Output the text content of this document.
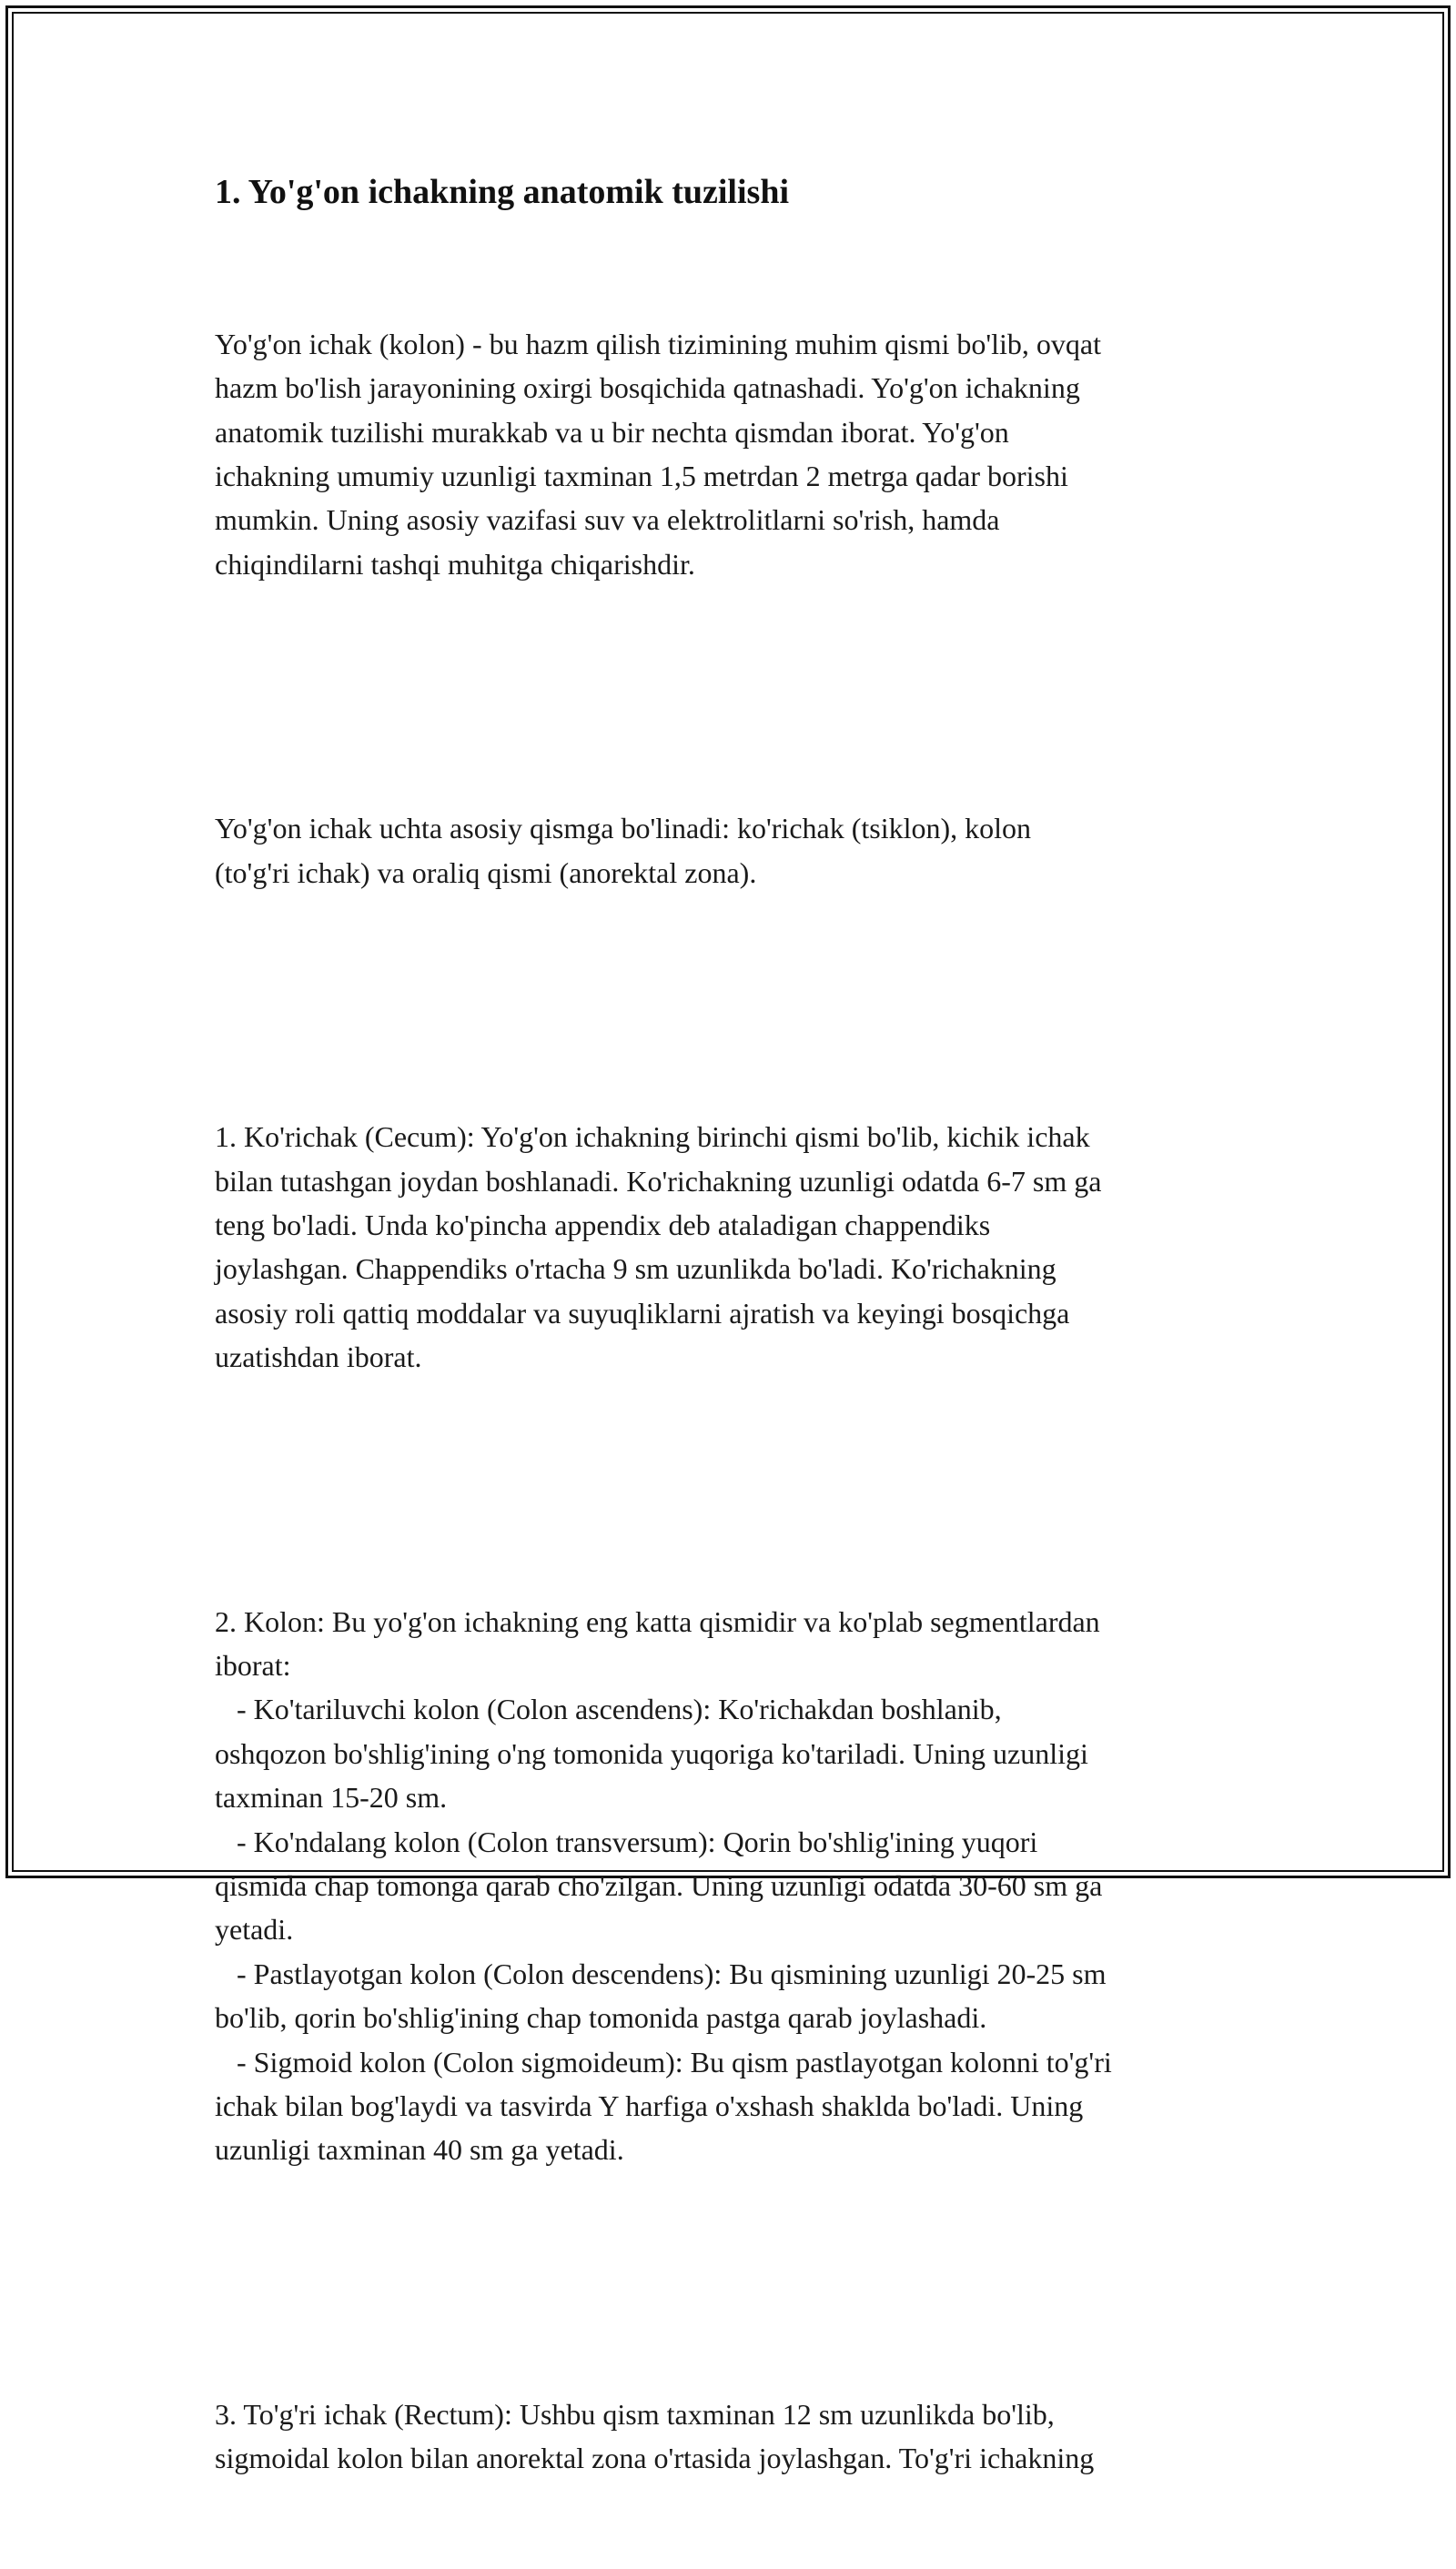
1. Yo'g'on ichakning anatomik tuzilishi

Yo'g'on ichak (kolon) - bu hazm qilish tizimining muhim qismi bo'lib, ovqat
hazm bo'lish jarayonining oxirgi bosqichida qatnashadi. Yo'g'on ichakning
anatomik tuzilishi murakkab va u bir nechta qismdan iborat. Yo'g'on
ichakning umumiy uzunligi taxminan 1,5 metrdan 2 metrga qadar borishi
mumkin. Uning asosiy vazifasi suv va elektrolitlarni so'rish, hamda
chiqindilarni tashqi muhitga chiqarishdir.

Yo'g'on ichak uchta asosiy qismga bo'linadi: ko'richak (tsiklon), kolon
(to'g'ri ichak) va oraliq qismi (anorektal zona).

1. Ko'richak (Cecum): Yo'g'on ichakning birinchi qismi bo'lib, kichik ichak
bilan tutashgan joydan boshlanadi. Ko'richakning uzunligi odatda 6-7 sm ga
teng bo'ladi. Unda ko'pincha appendix deb ataladigan chappendiks
joylashgan. Chappendiks o'rtacha 9 sm uzunlikda bo'ladi. Ko'richakning
asosiy roli qattiq moddalar va suyuqliklarni ajratish va keyingi bosqichga
uzatishdan iborat.

2. Kolon: Bu yo'g'on ichakning eng katta qismidir va ko'plab segmentlardan
iborat:
- Ko'tariluvchi kolon (Colon ascendens): Ko'richakdan boshlanib,
oshqozon bo'shlig'ining o'ng tomonida yuqoriga ko'tariladi. Uning uzunligi
taxminan 15-20 sm.
- Ko'ndalang kolon (Colon transversum): Qorin bo'shlig'ining yuqori
qismida chap tomonga qarab cho'zilgan. Uning uzunligi odatda 30-60 sm ga
yetadi.
- Pastlayotgan kolon (Colon descendens): Bu qismining uzunligi 20-25 sm
bo'lib, qorin bo'shlig'ining chap tomonida pastga qarab joylashadi.
- Sigmoid kolon (Colon sigmoideum): Bu qism pastlayotgan kolonni to'g'ri
ichak bilan bog'laydi va tasvirda Y harfiga o'xshash shaklda bo'ladi. Uning
uzunligi taxminan 40 sm ga yetadi.

3. To'g'ri ichak (Rectum): Ushbu qism taxminan 12 sm uzunlikda bo'lib,
sigmoidal kolon bilan anorektal zona o'rtasida joylashgan. To'g'ri ichakning
